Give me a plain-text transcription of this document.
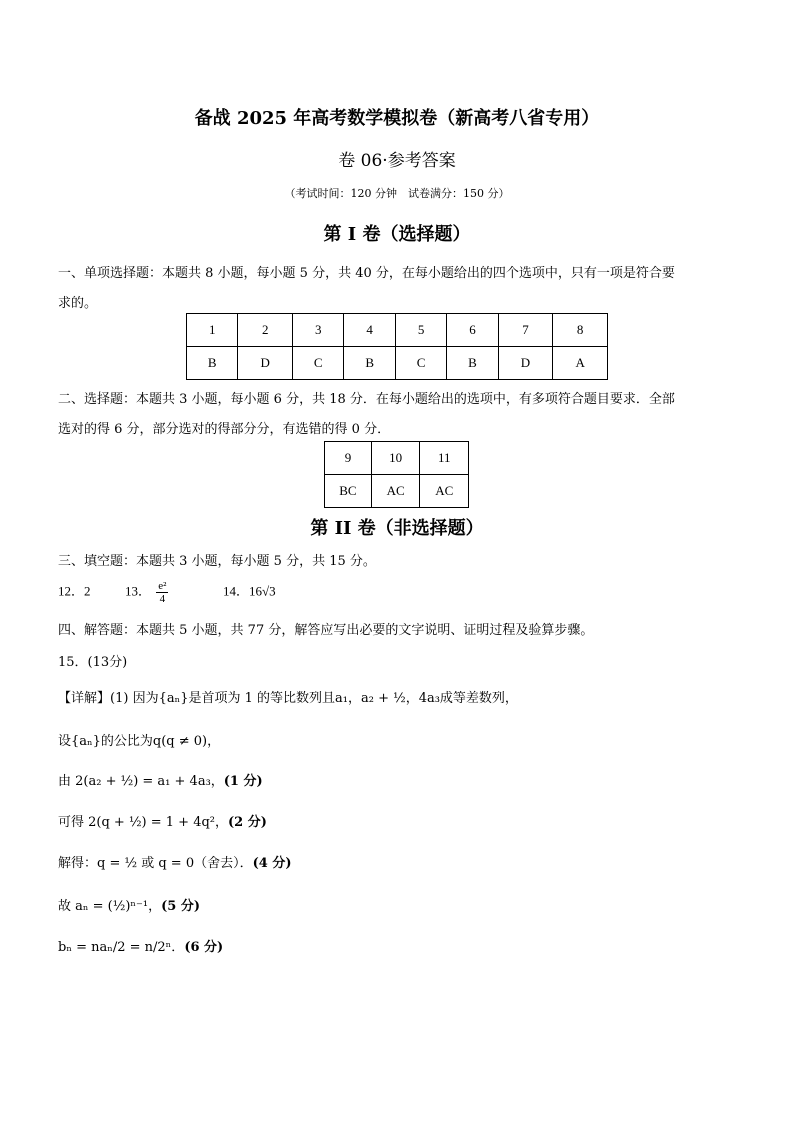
备战 2025 年高考数学模拟卷（新高考八省专用）
卷 06·参考答案
（考试时间：120 分钟　试卷满分：150 分）
第 I 卷（选择题）
一、单项选择题：本题共 8 小题，每小题 5 分，共 40 分，在每小题给出的四个选项中，只有一项是符合要
求的。
1	2	3	4	5	6	7	8
B	D	C	B	C	B	D	A
二、选择题：本题共 3 小题，每小题 6 分，共 18 分．在每小题给出的选项中，有多项符合题目要求．全部
选对的得 6 分，部分选对的得部分分，有选错的得 0 分．
9	10	11
BC	AC	AC
第 II 卷（非选择题）
三、填空题：本题共 3 小题，每小题 5 分，共 15 分。
12．2	13． $\frac{\text{e²}}{4}$	14．16√3
四、解答题：本题共 5 小题，共 77 分，解答应写出必要的文字说明、证明过程及验算步骤。
15．(13分)
【详解】(1) 因为{aₙ}是首项为 1 的等比数列且a₁，a₂ + ½，4a₃成等差数列，
设{aₙ}的公比为q(q ≠ 0)，
由 2(a₂ + ½) = a₁ + 4a₃，(1 分)
可得 2(q + ½) = 1 + 4q²，(2 分)
解得：q = ½ 或 q = 0（舍去）．(4 分)
故 aₙ = (½)ⁿ⁻¹，(5 分)
bₙ = naₙ/2 = n/2ⁿ．(6 分)
